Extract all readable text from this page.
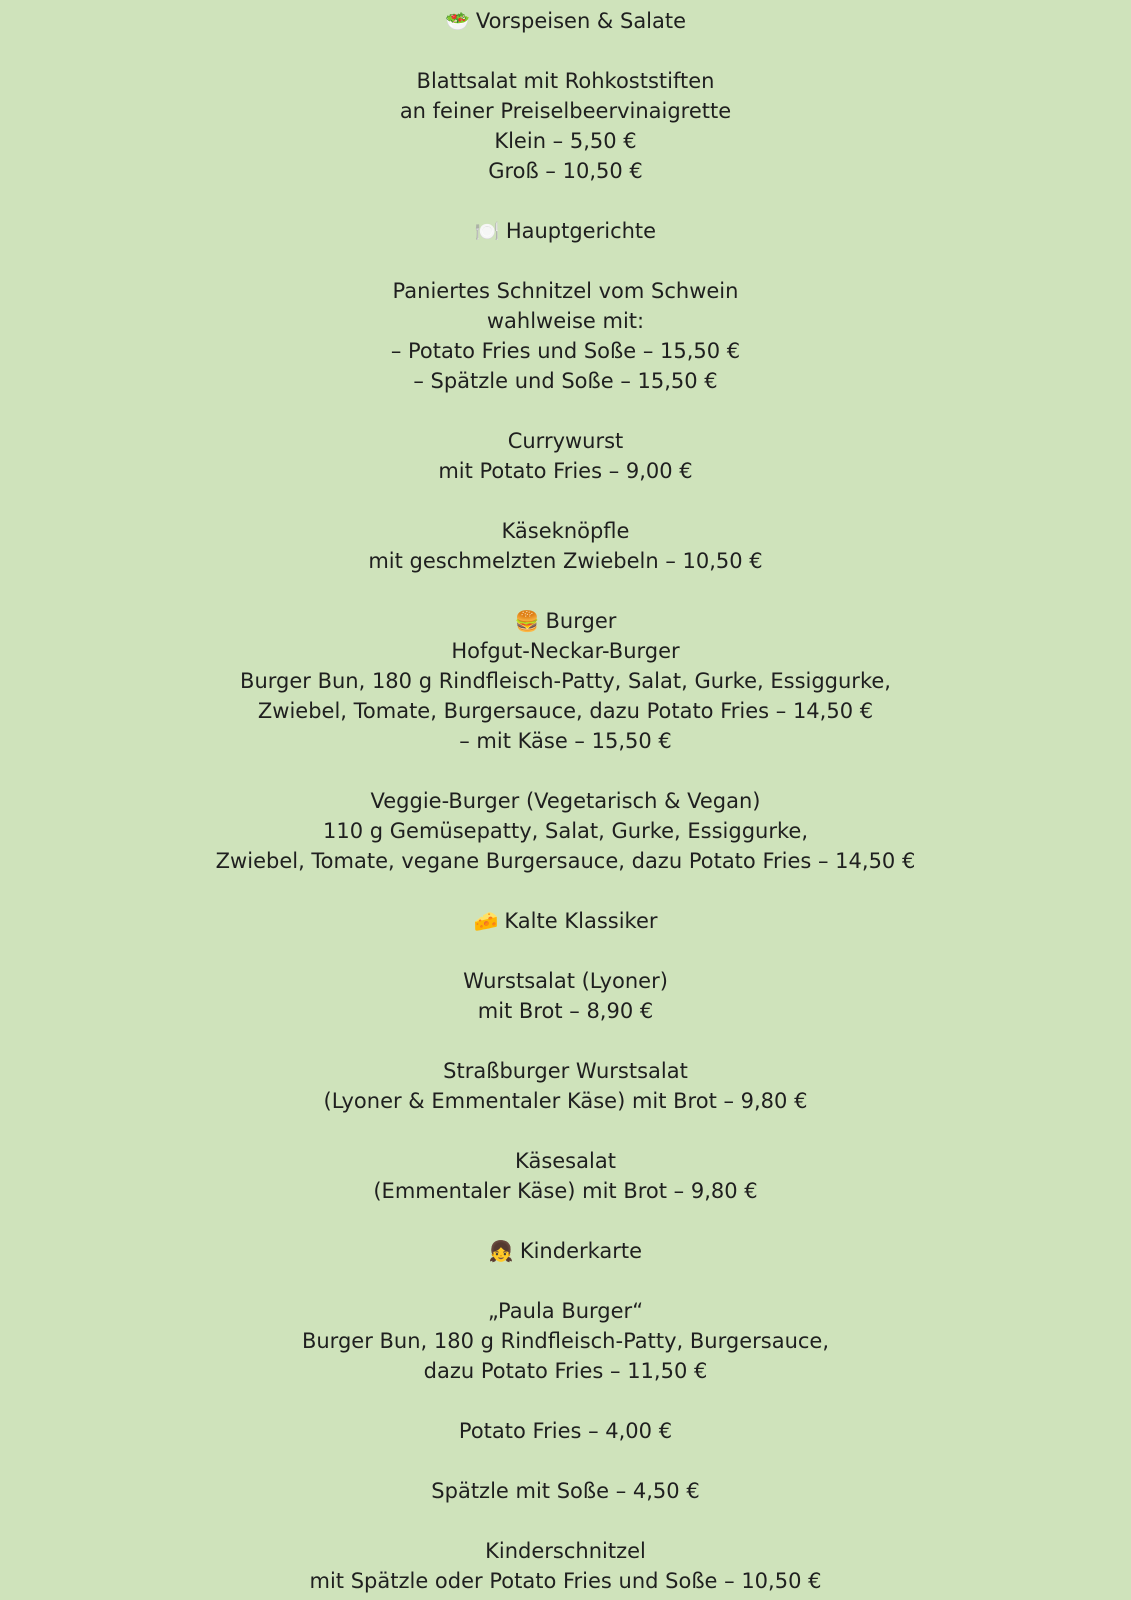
🥗 Vorspeisen & Salate
Blattsalat mit Rohkoststiften
an feiner Preiselbeervinaigrette
Klein – 5,50 €
Groß – 10,50 €
🍽️ Hauptgerichte
Paniertes Schnitzel vom Schwein
wahlweise mit:
– Potato Fries und Soße – 15,50 €
– Spätzle und Soße – 15,50 €
Currywurst
mit Potato Fries – 9,00 €
Käseknöpfle
mit geschmelzten Zwiebeln – 10,50 €
🍔 Burger
Hofgut-Neckar-Burger
Burger Bun, 180 g Rindfleisch-Patty, Salat, Gurke, Essiggurke,
Zwiebel, Tomate, Burgersauce, dazu Potato Fries – 14,50 €
– mit Käse – 15,50 €
Veggie-Burger (Vegetarisch & Vegan)
110 g Gemüsepatty, Salat, Gurke, Essiggurke,
Zwiebel, Tomate, vegane Burgersauce, dazu Potato Fries – 14,50 €
🧀 Kalte Klassiker
Wurstsalat (Lyoner)
mit Brot – 8,90 €
Straßburger Wurstsalat
(Lyoner & Emmentaler Käse) mit Brot – 9,80 €
Käsesalat
(Emmentaler Käse) mit Brot – 9,80 €
👧 Kinderkarte
„Paula Burger“
Burger Bun, 180 g Rindfleisch-Patty, Burgersauce,
dazu Potato Fries – 11,50 €
Potato Fries – 4,00 €
Spätzle mit Soße – 4,50 €
Kinderschnitzel
mit Spätzle oder Potato Fries und Soße – 10,50 €
